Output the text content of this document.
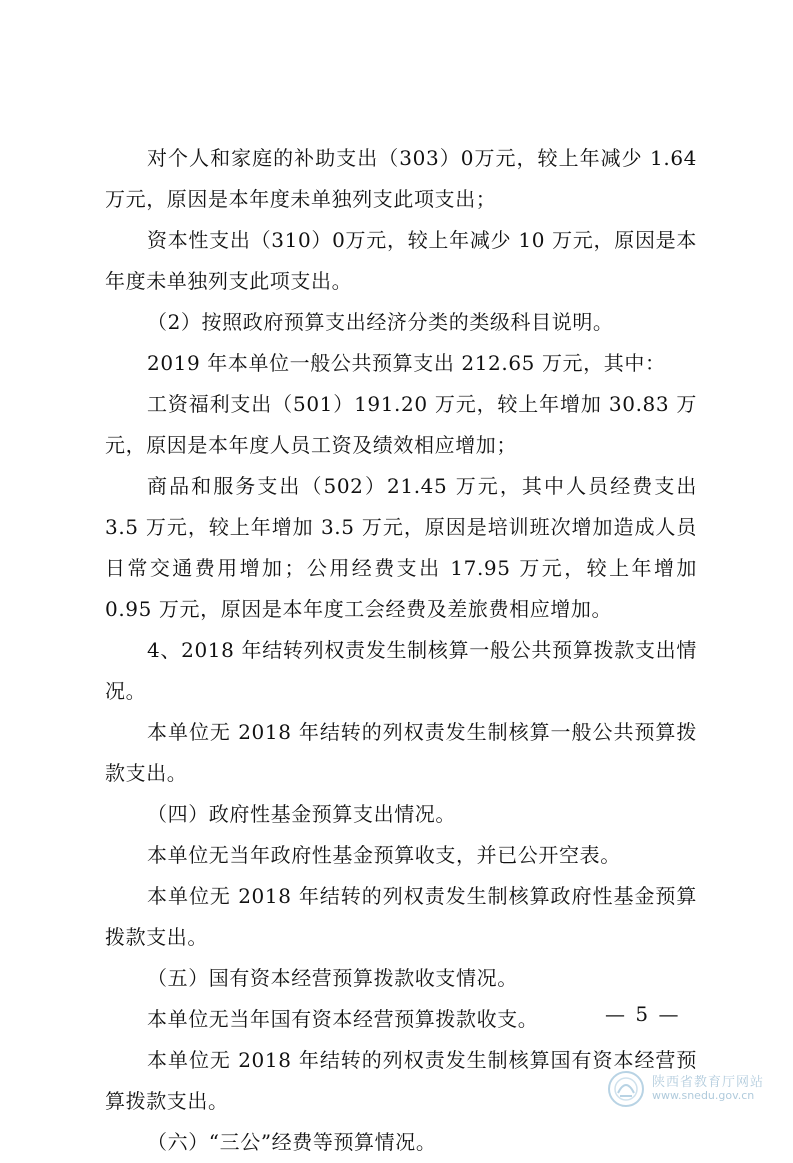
对个人和家庭的补助支出（303）0万元，较上年减少 1.64 万元，原因是本年度未单独列支此项支出；

资本性支出（310）0万元，较上年减少 10 万元，原因是本年度未单独列支此项支出。

（2）按照政府预算支出经济分类的类级科目说明。

2019 年本单位一般公共预算支出 212.65 万元，其中：

工资福利支出（501）191.20 万元，较上年增加 30.83 万元，原因是本年度人员工资及绩效相应增加；

商品和服务支出（502）21.45 万元，其中人员经费支出 3.5 万元，较上年增加 3.5 万元，原因是培训班次增加造成人员日常交通费用增加；公用经费支出 17.95 万元，较上年增加 0.95 万元，原因是本年度工会经费及差旅费相应增加。

4、2018 年结转列权责发生制核算一般公共预算拨款支出情况。

本单位无 2018 年结转的列权责发生制核算一般公共预算拨款支出。

（四）政府性基金预算支出情况。

本单位无当年政府性基金预算收支，并已公开空表。

本单位无 2018 年结转的列权责发生制核算政府性基金预算拨款支出。

（五）国有资本经营预算拨款收支情况。

本单位无当年国有资本经营预算拨款收支。

本单位无 2018 年结转的列权责发生制核算国有资本经营预算拨款支出。

（六）“三公”经费等预算情况。

— 5 —
陕西省教育厅网站
www.snedu.gov.cn
